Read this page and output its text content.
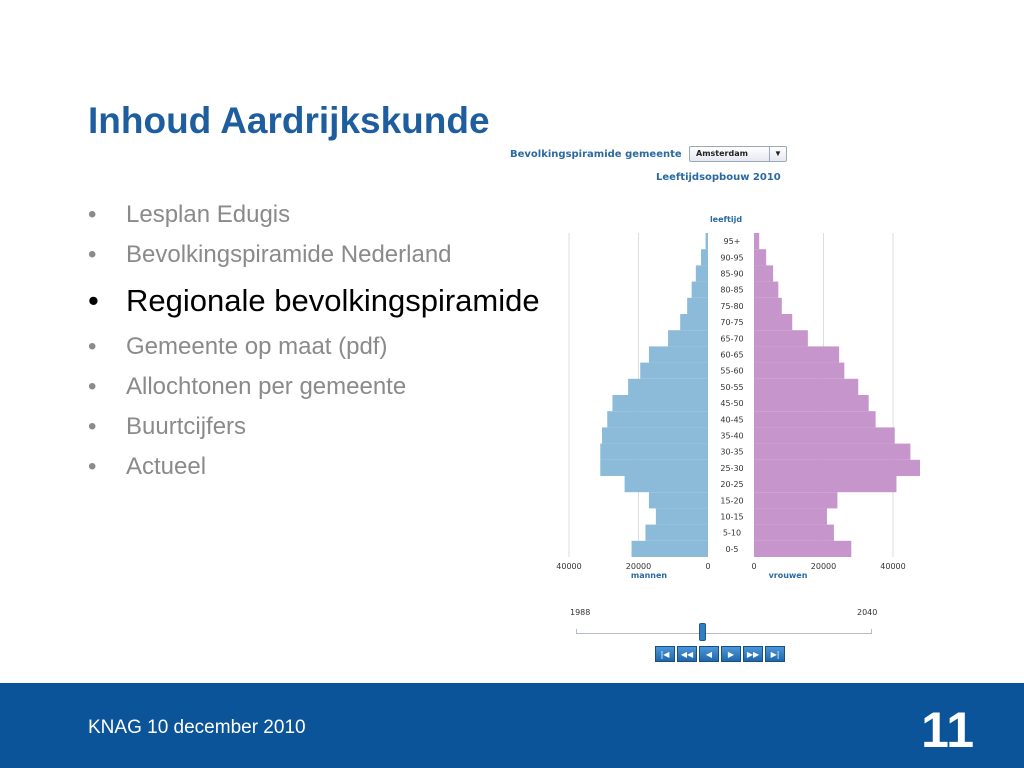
Inhoud Aardrijkskunde
• Lesplan Edugis
• Bevolkingspiramide Nederland
• Regionale bevolkingspiramide
• Gemeente op maat (pdf)
• Allochtonen per gemeente
• Buurtcijfers
• Actueel
Bevolkingspiramide gemeente Amsterdam	▼
Leeftijdsopbouw 2010
leeftijd
95+
90-95
85-90
80-85
75-80
70-75
65-70
60-65
55-60
50-55
45-50
40-45
35-40
30-35
25-30
20-25
15-20
10-15
5-10
0-5
40000	20000	0	0	20000	40000
mannen	vrouwen
1988	2040
|◀	◀◀	◀	▶	▶▶	▶|
KNAG 10 december 2010	11
